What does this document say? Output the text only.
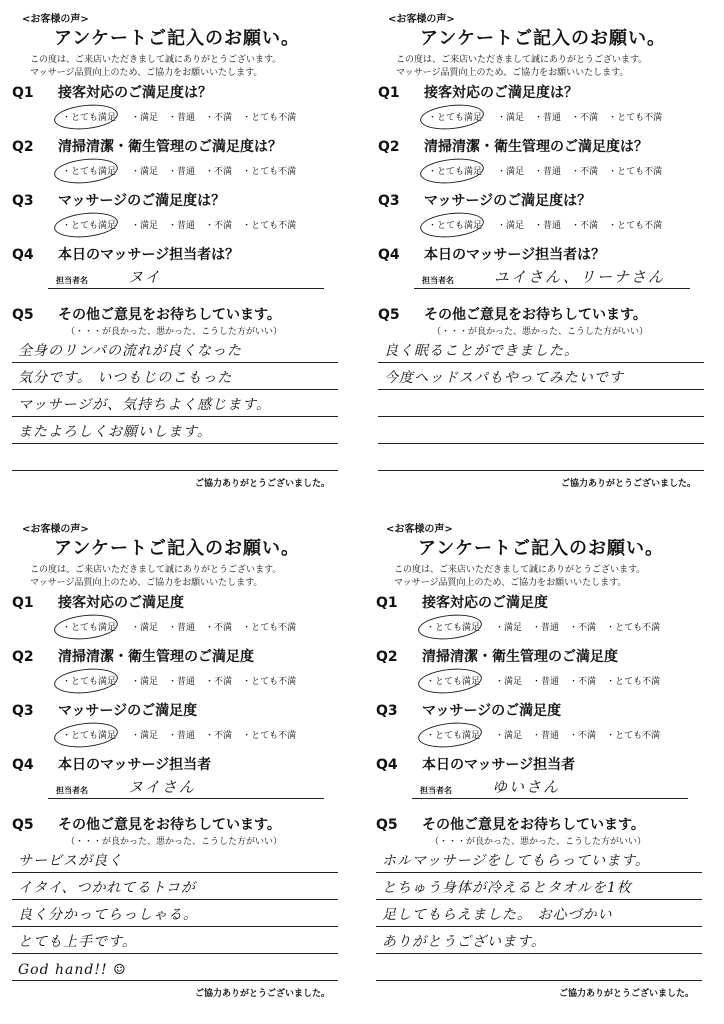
<お客様の声>
アンケートご記入のお願い。
この度は、ご来店いただきまして誠にありがとうございます。
マッサージ品質向上のため、ご協力をお願いいたします。
Q1 接客対応のご満足度は？
・とても満足 ・満足 ・普通 ・不満 ・とても不満
Q2 清掃清潔・衛生管理のご満足度は？
・とても満足 ・満足 ・普通 ・不満 ・とても不満
Q3 マッサージのご満足度は？
・とても満足 ・満足 ・普通 ・不満 ・とても不満
Q4 本日のマッサージ担当者は？
担当者名	ヌイ
Q5 その他ご意見をお待ちしています。
（・・・が良かった、悪かった、こうした方がいい）
全身のリンパの流れが良くなった
気分です。 いつもじのこもった
マッサージが、気持ちよく感じます。
またよろしくお願いします。
ご協力ありがとうございました。
<お客様の声>
アンケートご記入のお願い。
この度は、ご来店いただきまして誠にありがとうございます。
マッサージ品質向上のため、ご協力をお願いいたします。
Q1 接客対応のご満足度は？
・とても満足 ・満足 ・普通 ・不満 ・とても不満
Q2 清掃清潔・衛生管理のご満足度は？
・とても満足 ・満足 ・普通 ・不満 ・とても不満
Q3 マッサージのご満足度は？
・とても満足 ・満足 ・普通 ・不満 ・とても不満
Q4 本日のマッサージ担当者は？
担当者名	ユイさん、リーナさん
Q5 その他ご意見をお待ちしています。
（・・・が良かった、悪かった、こうした方がいい）
良く眠ることができました。
今度ヘッドスパもやってみたいです
ご協力ありがとうございました。
<お客様の声>
アンケートご記入のお願い。
この度は、ご来店いただきまして誠にありがとうございます。
マッサージ品質向上のため、ご協力をお願いいたします。
Q1 接客対応のご満足度
・とても満足 ・満足 ・普通 ・不満 ・とても不満
Q2 清掃清潔・衛生管理のご満足度
・とても満足 ・満足 ・普通 ・不満 ・とても不満
Q3 マッサージのご満足度
・とても満足 ・満足 ・普通 ・不満 ・とても不満
Q4 本日のマッサージ担当者
担当者名	ヌイさん
Q5 その他ご意見をお待ちしています。
（・・・が良かった、悪かった、こうした方がいい）
サービスが良く
イタイ、つかれてるトコが
良く分かってらっしゃる。
とても上手です。
God hand!! ☺
ご協力ありがとうございました。
<お客様の声>
アンケートご記入のお願い。
この度は、ご来店いただきまして誠にありがとうございます。
マッサージ品質向上のため、ご協力をお願いいたします。
Q1 接客対応のご満足度
・とても満足 ・満足 ・普通 ・不満 ・とても不満
Q2 清掃清潔・衛生管理のご満足度
・とても満足 ・満足 ・普通 ・不満 ・とても不満
Q3 マッサージのご満足度
・とても満足 ・満足 ・普通 ・不満 ・とても不満
Q4 本日のマッサージ担当者
担当者名	ゆいさん
Q5 その他ご意見をお待ちしています。
（・・・が良かった、悪かった、こうした方がいい）
ホルマッサージをしてもらっています。
とちゅう身体が冷えるとタオルを1枚
足してもらえました。 お心づかい
ありがとうございます。
ご協力ありがとうございました。
